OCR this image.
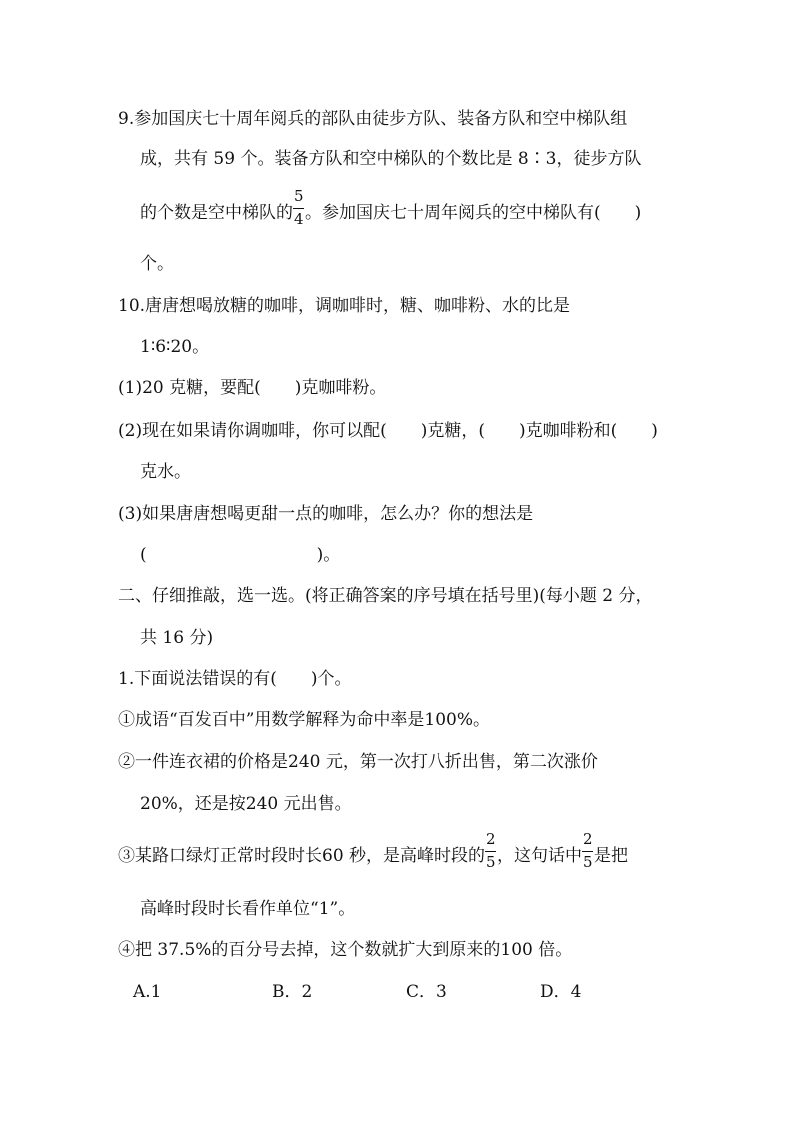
9.参加国庆七十周年阅兵的部队由徒步方队、装备方队和空中梯队组
成，共有 59 个。装备方队和空中梯队的个数比是 8∶3，徒步方队
的个数是空中梯队的 $\frac{5}{4}$ 。参加国庆七十周年阅兵的空中梯队有(　　)
个。
10.唐唐想喝放糖的咖啡，调咖啡时，糖、咖啡粉、水的比是
1∶6∶20。
(1)20 克糖，要配(　　)克咖啡粉。
(2)现在如果请你调咖啡，你可以配(　　)克糖，(　　)克咖啡粉和(　　)
克水。
(3)如果唐唐想喝更甜一点的咖啡，怎么办？你的想法是
(　　　　　　　　　　)。
二、仔细推敲，选一选。(将正确答案的序号填在括号里)(每小题 2 分，
共 16 分)
1.下面说法错误的有(　　)个。
①成语“百发百中”用数学解释为命中率是100%。
②一件连衣裙的价格是240 元，第一次打八折出售，第二次涨价
20%，还是按240 元出售。
③某路口绿灯正常时段时长60 秒，是高峰时段的 $\frac{2}{5}$ ，这句话中 $\frac{2}{5}$ 是把
高峰时段时长看作单位“1”。
④把 37.5%的百分号去掉，这个数就扩大到原来的100 倍。
A.1	B．2	C．3	D．4
